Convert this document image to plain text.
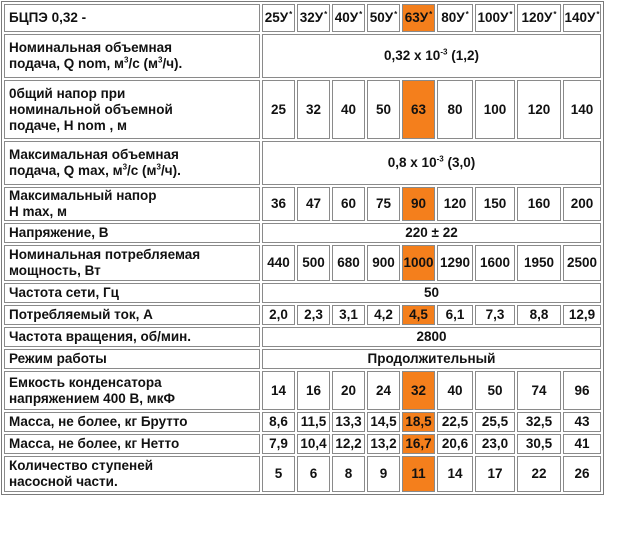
БЦПЭ 0,32 -	25У*	32У*	40У*	50У*	63У*	80У*	100У*	120У*	140У*
Номинальная объемная
подача, Q nom, $м^3/с$ $(м^3/ч)$.	0,32 x $10^{-3}$ (1,2)								
0бщий напор при
номинальной объемной
подаче, H nom , м	25	32	40	50	63	80	100	120	140
Максимальная объемная
подача, Q max, $м^3/с$ $(м^3/ч)$.	0,8 x $10^{-3}$ (3,0)								
Максимальный напор
H max, м	36	47	60	75	90	120	150	160	200
Напряжение, В	220 ± 22								
Номинальная потребляемая
мощность, Вт	440	500	680	900	1000	1290	1600	1950	2500
Частота сети, Гц	50								
Потребляемый ток, А	2,0	2,3	3,1	4,2	4,5	6,1	7,3	8,8	12,9
Частота вращения, об/мин.	2800								
Режим работы	Продолжительный								
Емкость конденсатора
напряжением 400 В, мкФ	14	16	20	24	32	40	50	74	96
Масса, не более, кг Брутто	8,6	11,5	13,3	14,5	18,5	22,5	25,5	32,5	43
Масса, не более, кг Нетто	7,9	10,4	12,2	13,2	16,7	20,6	23,0	30,5	41
Количество ступеней
насосной части.	5	6	8	9	11	14	17	22	26
